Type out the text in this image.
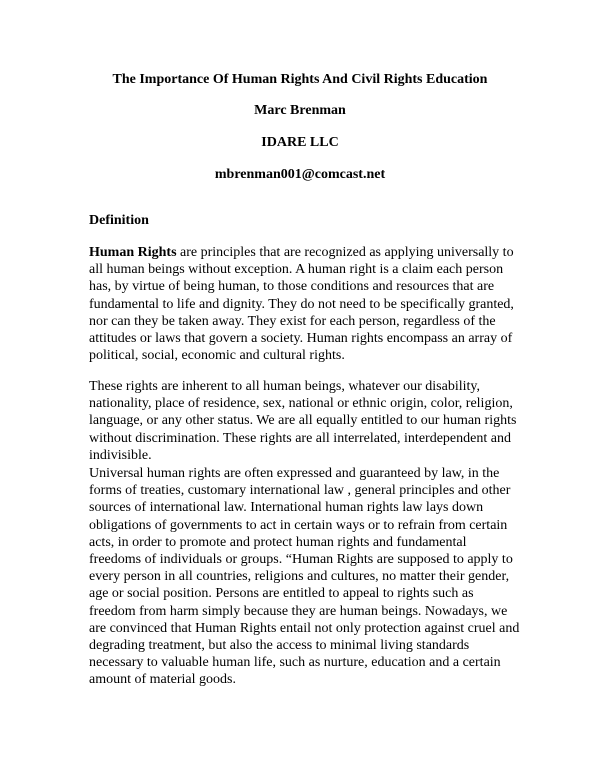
The Importance Of Human Rights And Civil Rights Education
Marc Brenman
IDARE LLC
mbrenman001@comcast.net
Definition
Human Rights are principles that are recognized as applying universally to
all human beings without exception. A human right is a claim each person
has, by virtue of being human, to those conditions and resources that are
fundamental to life and dignity. They do not need to be specifically granted,
nor can they be taken away. They exist for each person, regardless of the
attitudes or laws that govern a society. Human rights encompass an array of
political, social, economic and cultural rights.
These rights are inherent to all human beings, whatever our disability,
nationality, place of residence, sex, national or ethnic origin, color, religion,
language, or any other status. We are all equally entitled to our human rights
without discrimination. These rights are all interrelated, interdependent and
indivisible.
Universal human rights are often expressed and guaranteed by law, in the
forms of treaties, customary international law , general principles and other
sources of international law. International human rights law lays down
obligations of governments to act in certain ways or to refrain from certain
acts, in order to promote and protect human rights and fundamental
freedoms of individuals or groups. “Human Rights are supposed to apply to
every person in all countries, religions and cultures, no matter their gender,
age or social position. Persons are entitled to appeal to rights such as
freedom from harm simply because they are human beings. Nowadays, we
are convinced that Human Rights entail not only protection against cruel and
degrading treatment, but also the access to minimal living standards
necessary to valuable human life, such as nurture, education and a certain
amount of material goods.
